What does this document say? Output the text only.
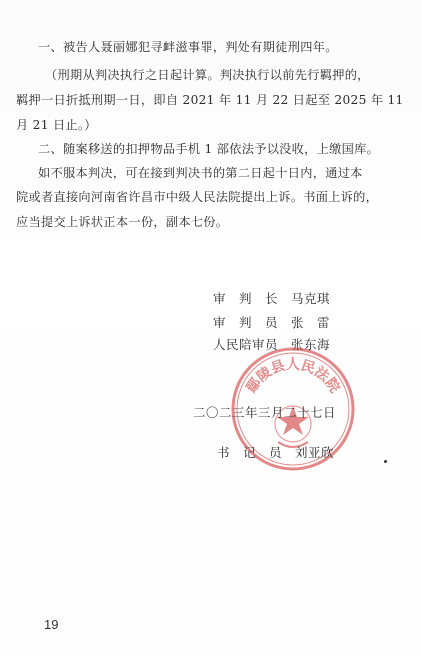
一、被告人聂丽娜犯寻衅滋事罪，判处有期徒刑四年。
（刑期从判决执行之日起计算。判决执行以前先行羁押的，
羁押一日折抵刑期一日，即自 2021 年 11 月 22 日起至 2025 年 11
月 21 日止。）
二、随案移送的扣押物品手机 1 部依法予以没收，上缴国库。
如不服本判决，可在接到判决书的第二日起十日内，通过本
院或者直接向河南省许昌市中级人民法院提出上诉。书面上诉的，
应当提交上诉状正本一份，副本七份。
审　判　长　马克琪
审　判　员　张　雷
人民陪审员　张东海
鄢陵县人民法院
二〇二三年三月二十七日
书　记　员　刘亚欣
19
